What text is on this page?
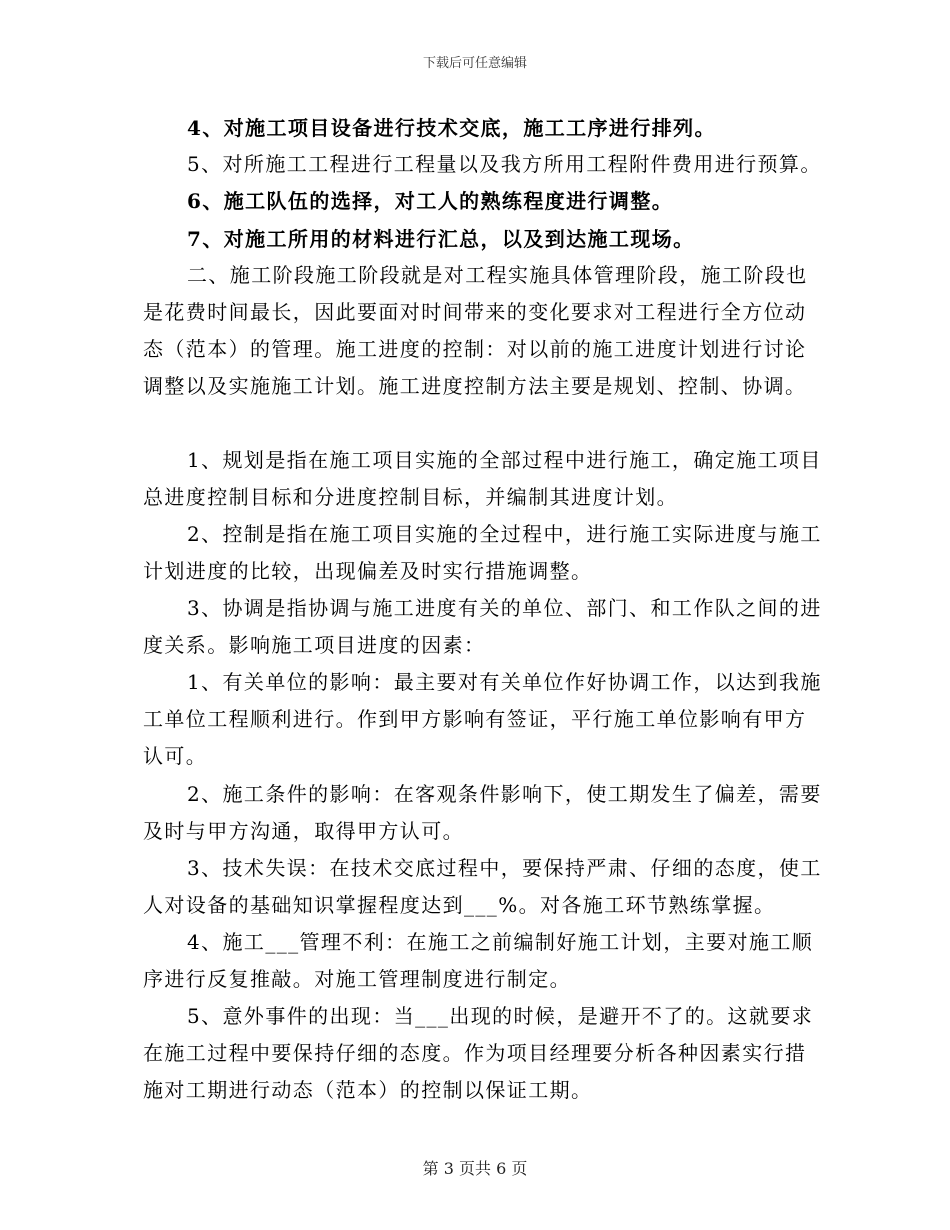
下载后可任意编辑

4、对施工项目设备进行技术交底，施工工序进行排列。

5、对所施工工程进行工程量以及我方所用工程附件费用进行预算。

6、施工队伍的选择，对工人的熟练程度进行调整。

7、对施工所用的材料进行汇总，以及到达施工现场。

二、施工阶段施工阶段就是对工程实施具体管理阶段，施工阶段也是花费时间最长，因此要面对时间带来的变化要求对工程进行全方位动态（范本）的管理。施工进度的控制：对以前的施工进度计划进行讨论调整以及实施施工计划。施工进度控制方法主要是规划、控制、协调。

1、规划是指在施工项目实施的全部过程中进行施工，确定施工项目总进度控制目标和分进度控制目标，并编制其进度计划。

2、控制是指在施工项目实施的全过程中，进行施工实际进度与施工计划进度的比较，出现偏差及时实行措施调整。

3、协调是指协调与施工进度有关的单位、部门、和工作队之间的进度关系。影响施工项目进度的因素：

1、有关单位的影响：最主要对有关单位作好协调工作，以达到我施工单位工程顺利进行。作到甲方影响有签证，平行施工单位影响有甲方认可。

2、施工条件的影响：在客观条件影响下，使工期发生了偏差，需要及时与甲方沟通，取得甲方认可。

3、技术失误：在技术交底过程中，要保持严肃、仔细的态度，使工人对设备的基础知识掌握程度达到___%。对各施工环节熟练掌握。

4、施工___管理不利：在施工之前编制好施工计划，主要对施工顺序进行反复推敲。对施工管理制度进行制定。

5、意外事件的出现：当___出现的时候，是避开不了的。这就要求在施工过程中要保持仔细的态度。作为项目经理要分析各种因素实行措施对工期进行动态（范本）的控制以保证工期。

第 3 页共 6 页
